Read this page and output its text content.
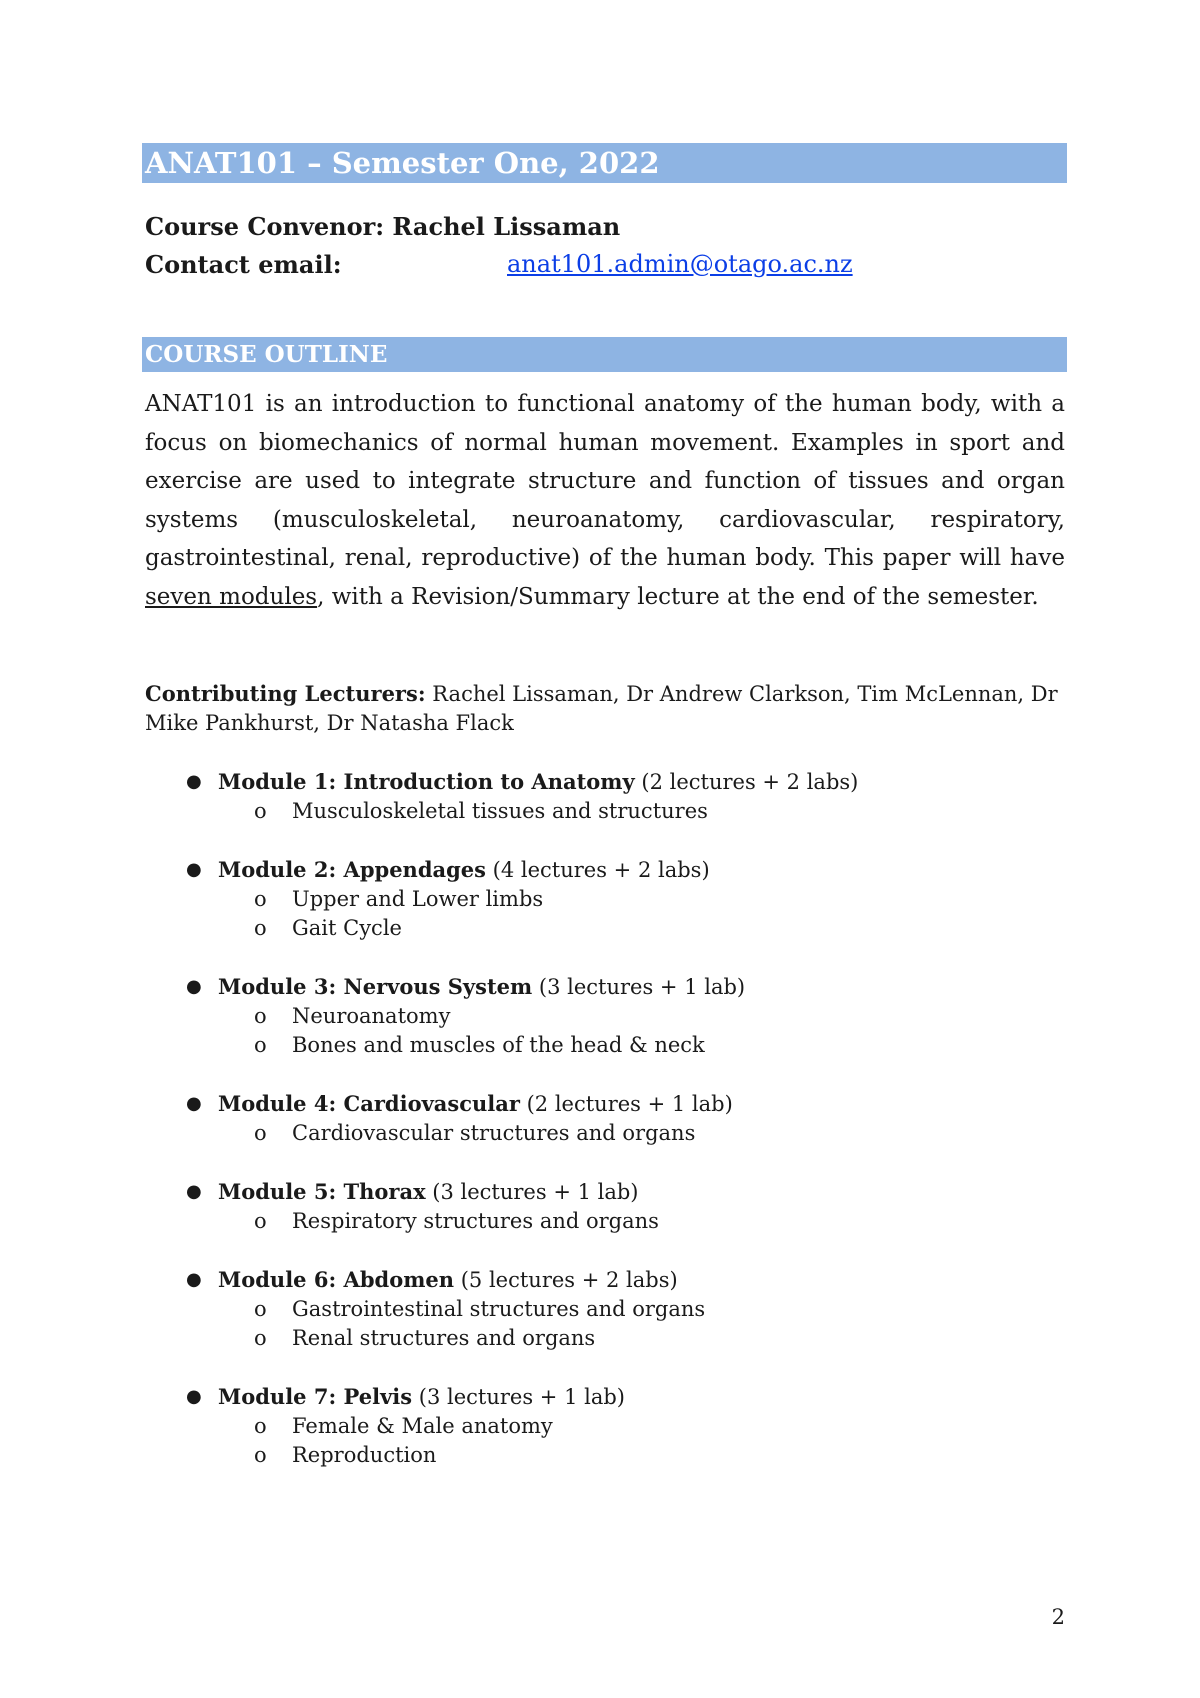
ANAT101 – Semester One, 2022
Course Convenor: Rachel Lissaman
Contact email:	anat101.admin@otago.ac.nz
COURSE OUTLINE
ANAT101 is an introduction to functional anatomy of the human body, with a focus on biomechanics of normal human movement. Examples in sport and exercise are used to integrate structure and function of tissues and organ systems (musculoskeletal, neuroanatomy, cardiovascular, respiratory, gastrointestinal, renal, reproductive) of the human body. This paper will have seven modules, with a Revision/Summary lecture at the end of the semester.
Contributing Lecturers: Rachel Lissaman, Dr Andrew Clarkson, Tim McLennan, Dr Mike Pankhurst, Dr Natasha Flack
● Module 1: Introduction to Anatomy (2 lectures + 2 labs)
o Musculoskeletal tissues and structures
● Module 2: Appendages (4 lectures + 2 labs)
o Upper and Lower limbs
o Gait Cycle
● Module 3: Nervous System (3 lectures + 1 lab)
o Neuroanatomy
o Bones and muscles of the head & neck
● Module 4: Cardiovascular (2 lectures + 1 lab)
o Cardiovascular structures and organs
● Module 5: Thorax (3 lectures + 1 lab)
o Respiratory structures and organs
● Module 6: Abdomen (5 lectures + 2 labs)
o Gastrointestinal structures and organs
o Renal structures and organs
● Module 7: Pelvis (3 lectures + 1 lab)
o Female & Male anatomy
o Reproduction
2
